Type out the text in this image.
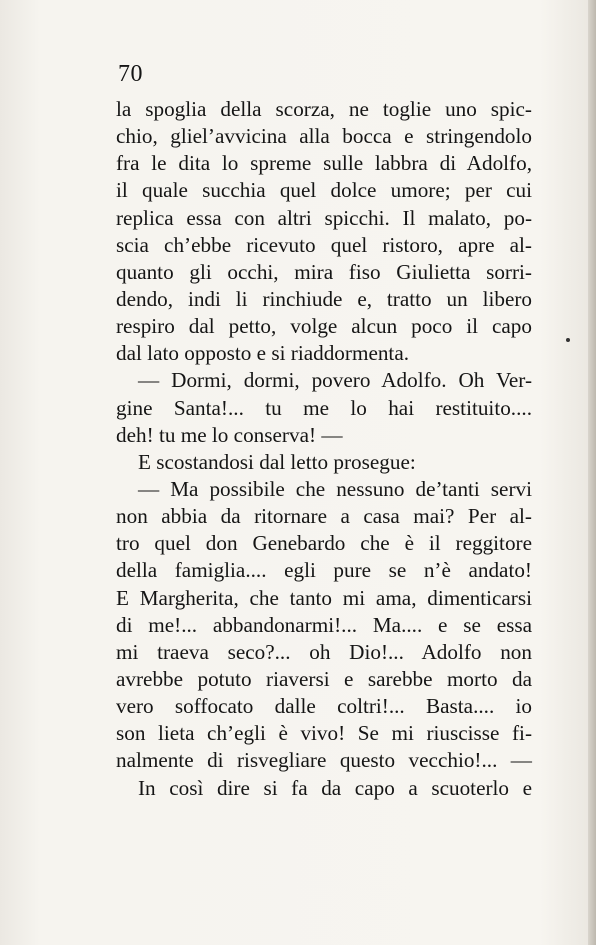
70
la spoglia della scorza, ne toglie uno spic-
chio, gliel’avvicina alla bocca e stringendolo
fra le dita lo spreme sulle labbra di Adolfo,
il quale succhia quel dolce umore; per cui
replica essa con altri spicchi. Il malato, po-
scia ch’ebbe ricevuto quel ristoro, apre al-
quanto gli occhi, mira fiso Giulietta sorri-
dendo, indi li rinchiude e, tratto un libero
respiro dal petto, volge alcun poco il capo
dal lato opposto e si riaddormenta.
— Dormi, dormi, povero Adolfo. Oh Ver-
gine Santa!... tu me lo hai restituito....
deh! tu me lo conserva! —
E scostandosi dal letto prosegue:
— Ma possibile che nessuno de’tanti servi
non abbia da ritornare a casa mai? Per al-
tro quel don Genebardo che è il reggitore
della famiglia.... egli pure se n’è andato!
E Margherita, che tanto mi ama, dimenticarsi
di me!... abbandonarmi!... Ma.... e se essa
mi traeva seco?... oh Dio!... Adolfo non
avrebbe potuto riaversi e sarebbe morto da
vero soffocato dalle coltri!... Basta.... io
son lieta ch’egli è vivo! Se mi riuscisse fi-
nalmente di risvegliare questo vecchio!... —
In così dire si fa da capo a scuoterlo e
